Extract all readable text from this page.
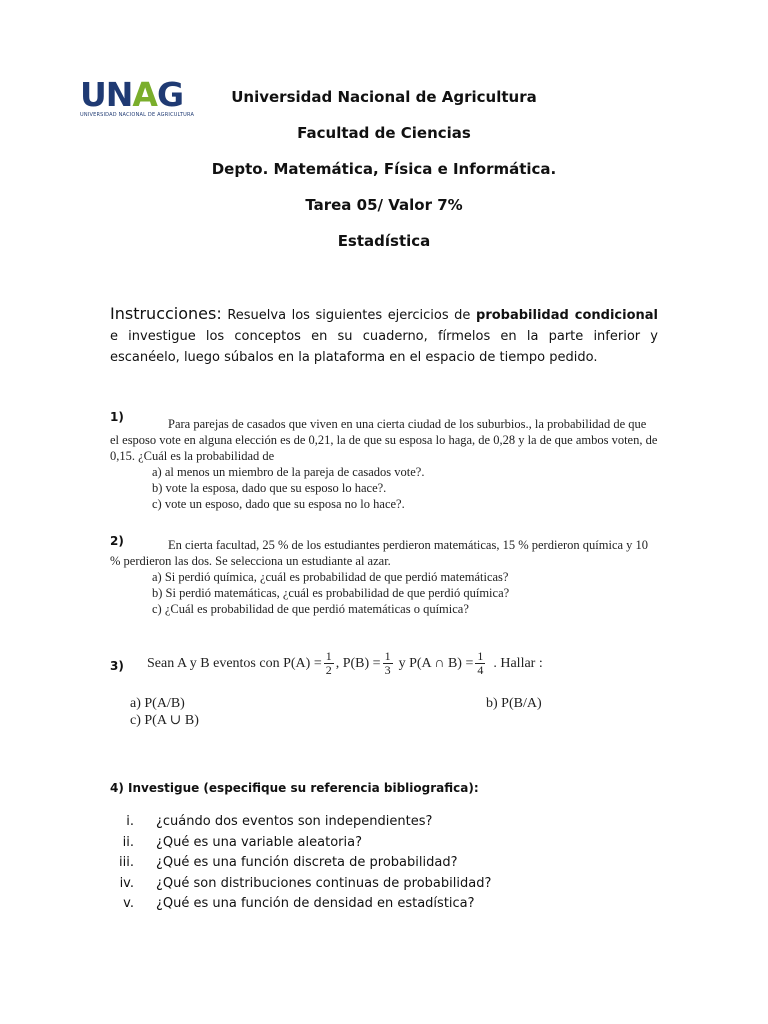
U N A G
UNIVERSIDAD NACIONAL DE AGRICULTURA
Universidad Nacional de Agricultura
Facultad de Ciencias
Depto. Matemática, Física e Informática.
Tarea 05/ Valor 7%
Estadística
Instrucciones: Resuelva los siguientes ejercicios de probabilidad condicional e investigue los conceptos en su cuaderno, fírmelos en la parte inferior y escanéelo, luego súbalos en la plataforma en el espacio de tiempo pedido.
1)	Para parejas de casados que viven en una cierta ciudad de los suburbios., la probabilidad de que el esposo vote en alguna elección es de 0,21, la de que su esposa lo haga, de 0,28 y la de que ambos voten, de 0,15. ¿Cuál es la probabilidad de
a) al menos un miembro de la pareja de casados vote?.
b) vote la esposa, dado que su esposo lo hace?.
c) vote un esposo, dado que su esposa no lo hace?.
2)	En cierta facultad, 25 % de los estudiantes perdieron matemáticas, 15 % perdieron química y 10 % perdieron las dos. Se selecciona un estudiante al azar.
a) Si perdió química, ¿cuál es probabilidad de que perdió matemáticas?
b) Si perdió matemáticas, ¿cuál es probabilidad de que perdió química?
c) ¿Cuál es probabilidad de que perdió matemáticas o química?
3) Sean A y B eventos con $P(A) = \frac{1}{2}$ , $P(B) = \frac{1}{3}$ y P(A ∩ $B) = \frac{1}{4}$ . Hallar :
a) P(A/B)	b) P(B/A)
c) P(A ∪ B)
4) Investigue (especifique su referencia bibliografica):
i. ¿cuándo dos eventos son independientes?
ii. ¿Qué es una variable aleatoria?
iii. ¿Qué es una función discreta de probabilidad?
iv. ¿Qué son distribuciones continuas de probabilidad?
v. ¿Qué es una función de densidad en estadística?
